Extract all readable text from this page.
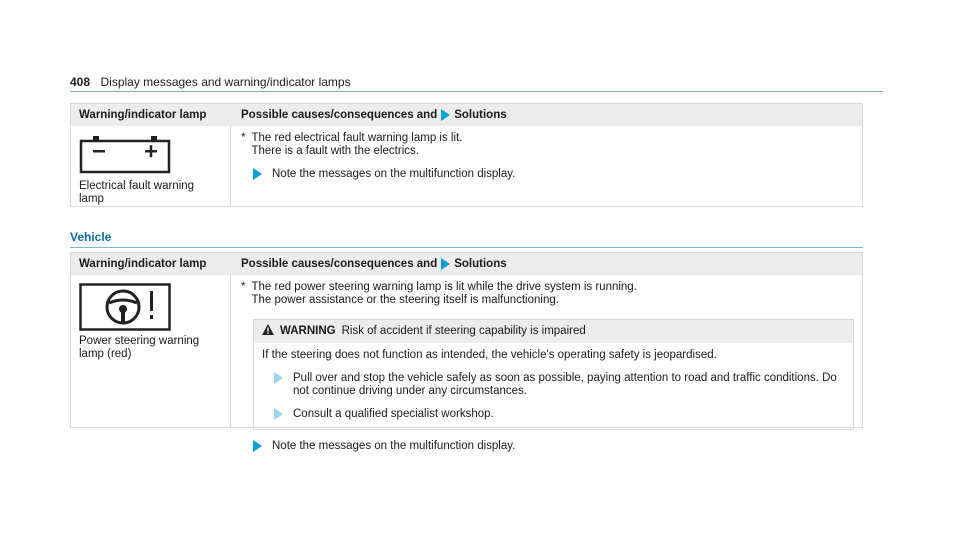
408 Display messages and warning/indicator lamps
Warning/indicator lamp	Possible causes/consequences and Solutions
Electrical fault warning lamp
* The red electrical fault warning lamp is lit.

There is a fault with the electrics.

Note the messages on the multifunction display.
Vehicle
Warning/indicator lamp	Possible causes/consequences and Solutions
Power steering warning lamp (red)
* The red power steering warning lamp is lit while the drive system is running.

The power assistance or the steering itself is malfunctioning.

WARNING Risk of accident if steering capability is impaired

If the steering does not function as intended, the vehicle's operating safety is jeopardised.

Pull over and stop the vehicle safely as soon as possible, paying attention to road and traffic conditions. Do not continue driving under any circumstances.
Consult a qualified specialist workshop.
Note the messages on the multifunction display.
